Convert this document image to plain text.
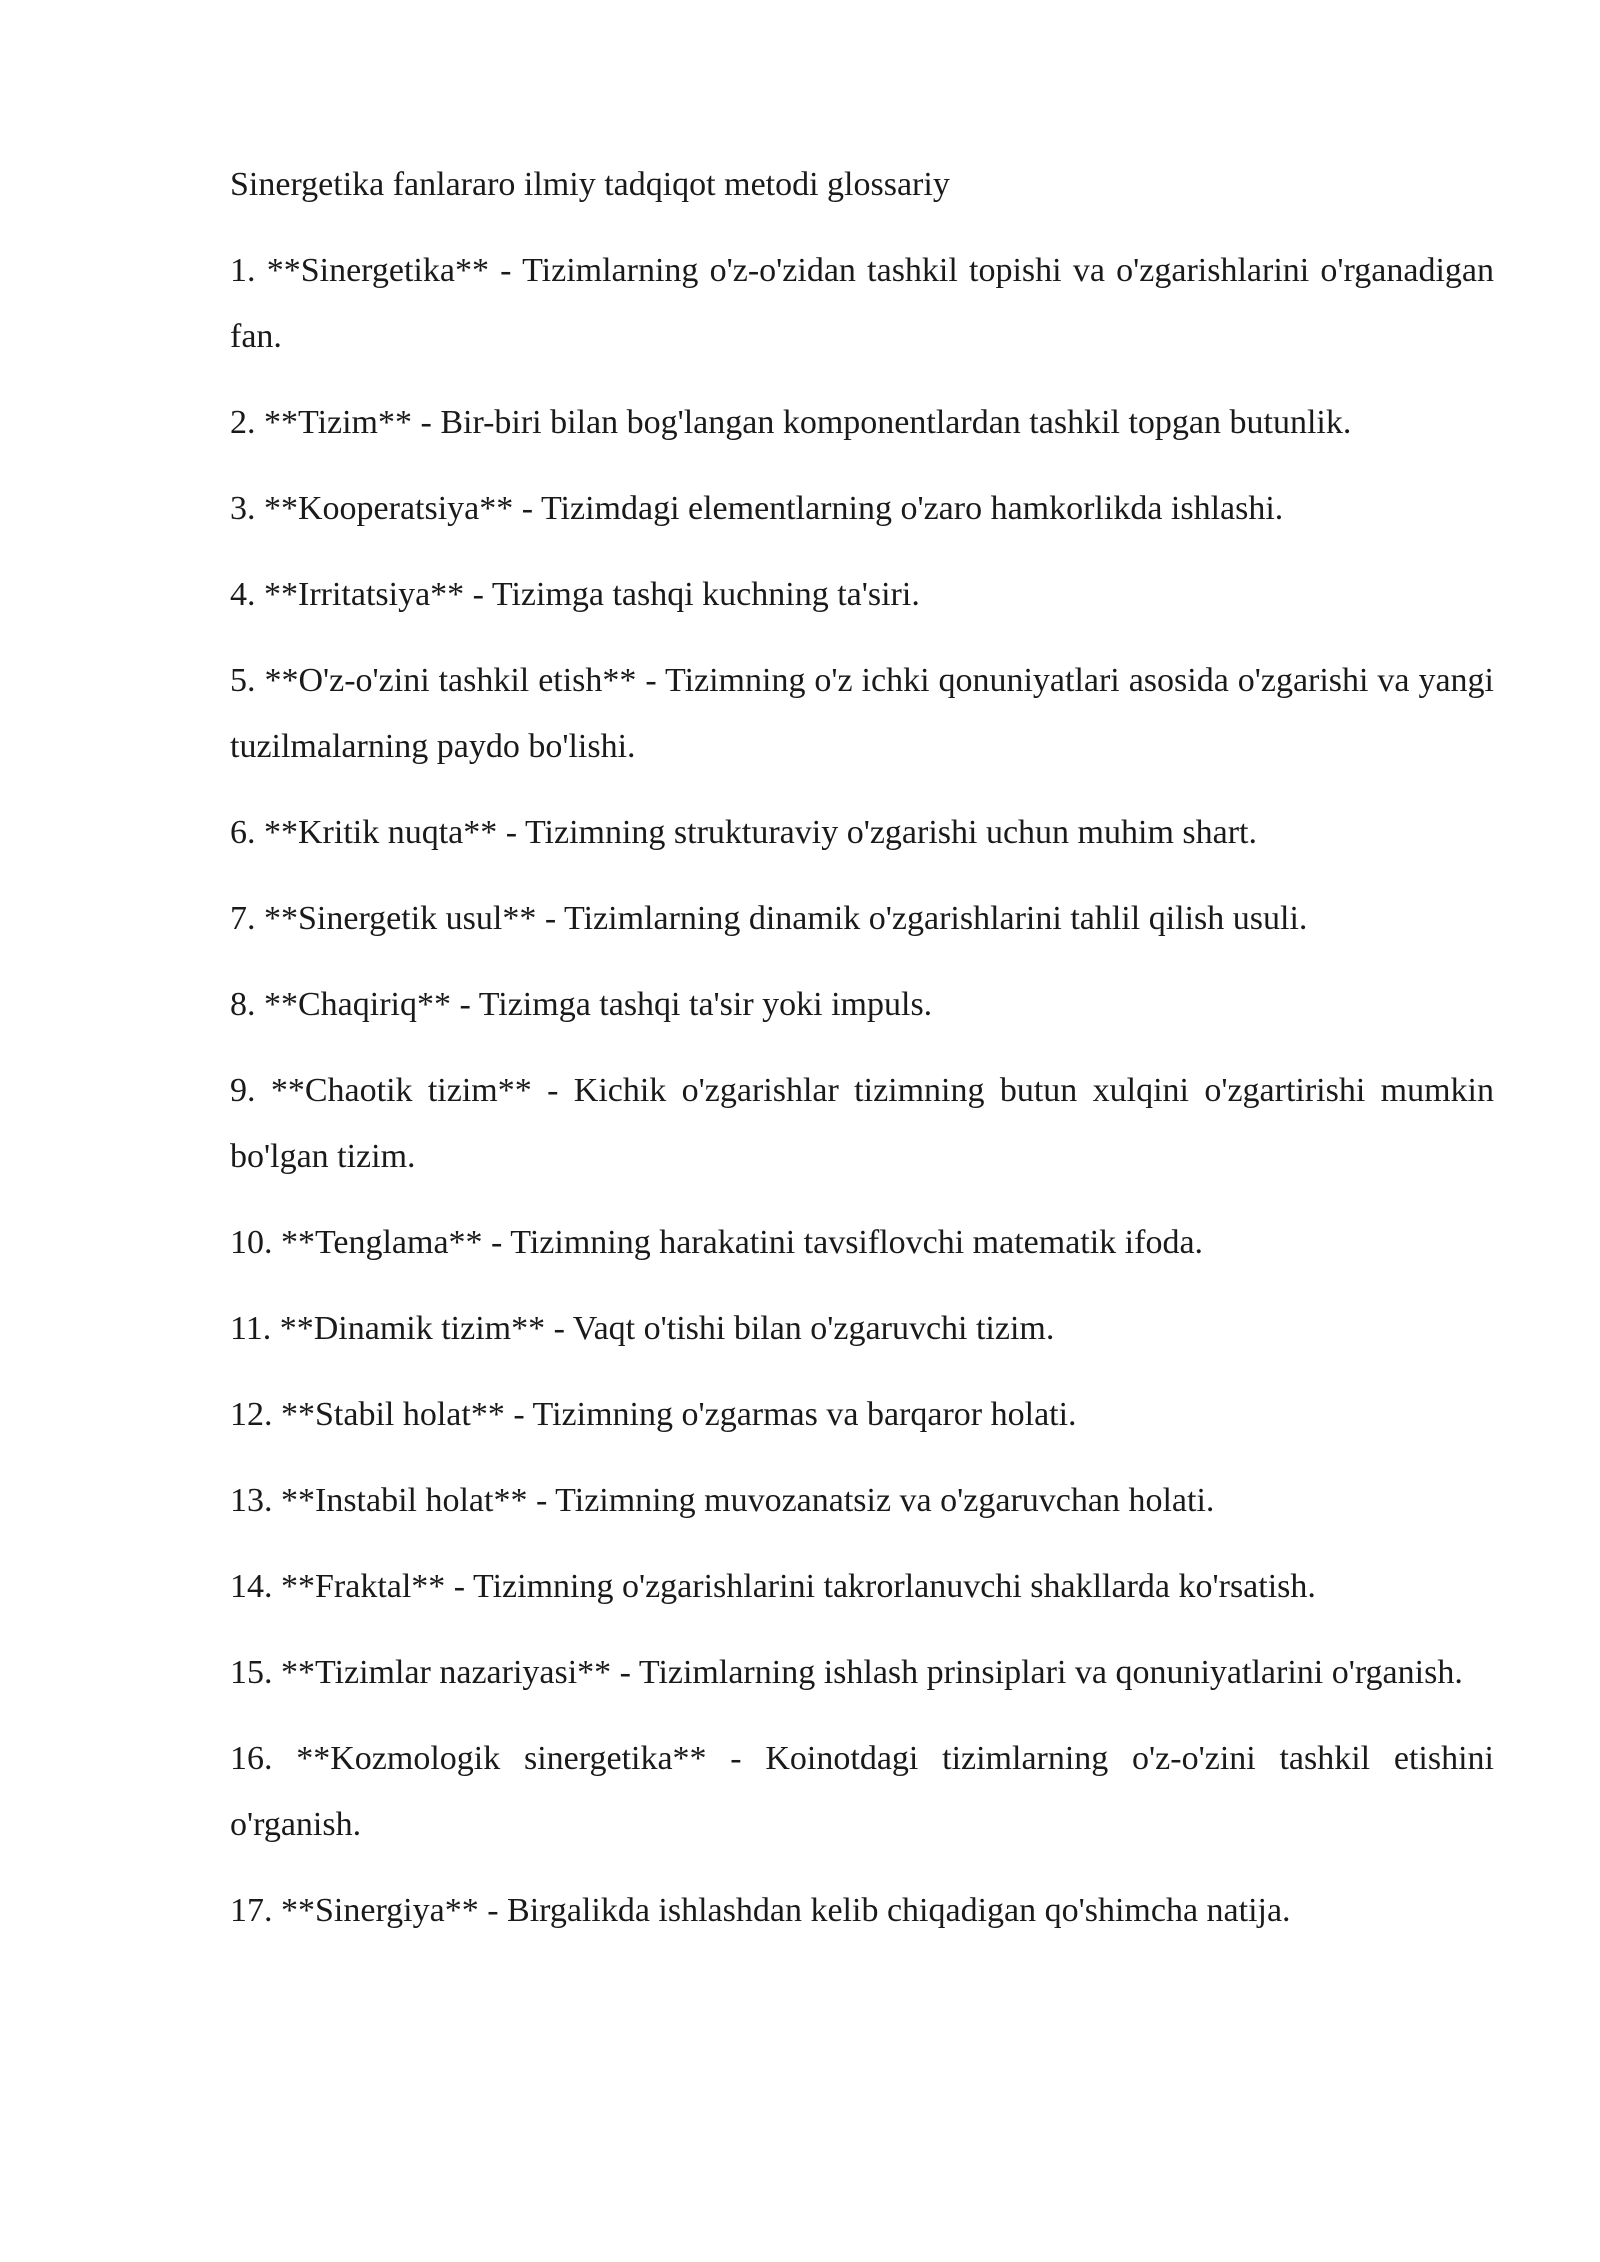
Sinergetika fanlararo ilmiy tadqiqot metodi glossariy

1. **Sinergetika** - Tizimlarning o'z-o'zidan tashkil topishi va o'zgarishlarini o'rganadigan fan.

2. **Tizim** - Bir-biri bilan bog'langan komponentlardan tashkil topgan butunlik.

3. **Kooperatsiya** - Tizimdagi elementlarning o'zaro hamkorlikda ishlashi.

4. **Irritatsiya** - Tizimga tashqi kuchning ta'siri.

5. **O'z-o'zini tashkil etish** - Tizimning o'z ichki qonuniyatlari asosida o'zgarishi va yangi tuzilmalarning paydo bo'lishi.

6. **Kritik nuqta** - Tizimning strukturaviy o'zgarishi uchun muhim shart.

7. **Sinergetik usul** - Tizimlarning dinamik o'zgarishlarini tahlil qilish usuli.

8. **Chaqiriq** - Tizimga tashqi ta'sir yoki impuls.

9. **Chaotik tizim** - Kichik o'zgarishlar tizimning butun xulqini o'zgartirishi mumkin bo'lgan tizim.

10. **Tenglama** - Tizimning harakatini tavsiflovchi matematik ifoda.

11. **Dinamik tizim** - Vaqt o'tishi bilan o'zgaruvchi tizim.

12. **Stabil holat** - Tizimning o'zgarmas va barqaror holati.

13. **Instabil holat** - Tizimning muvozanatsiz va o'zgaruvchan holati.

14. **Fraktal** - Tizimning o'zgarishlarini takrorlanuvchi shakllarda ko'rsatish.

15. **Tizimlar nazariyasi** - Tizimlarning ishlash prinsiplari va qonuniyatlarini o'rganish.

16. **Kozmologik sinergetika** - Koinotdagi tizimlarning o'z-o'zini tashkil etishini o'rganish.

17. **Sinergiya** - Birgalikda ishlashdan kelib chiqadigan qo'shimcha natija.
